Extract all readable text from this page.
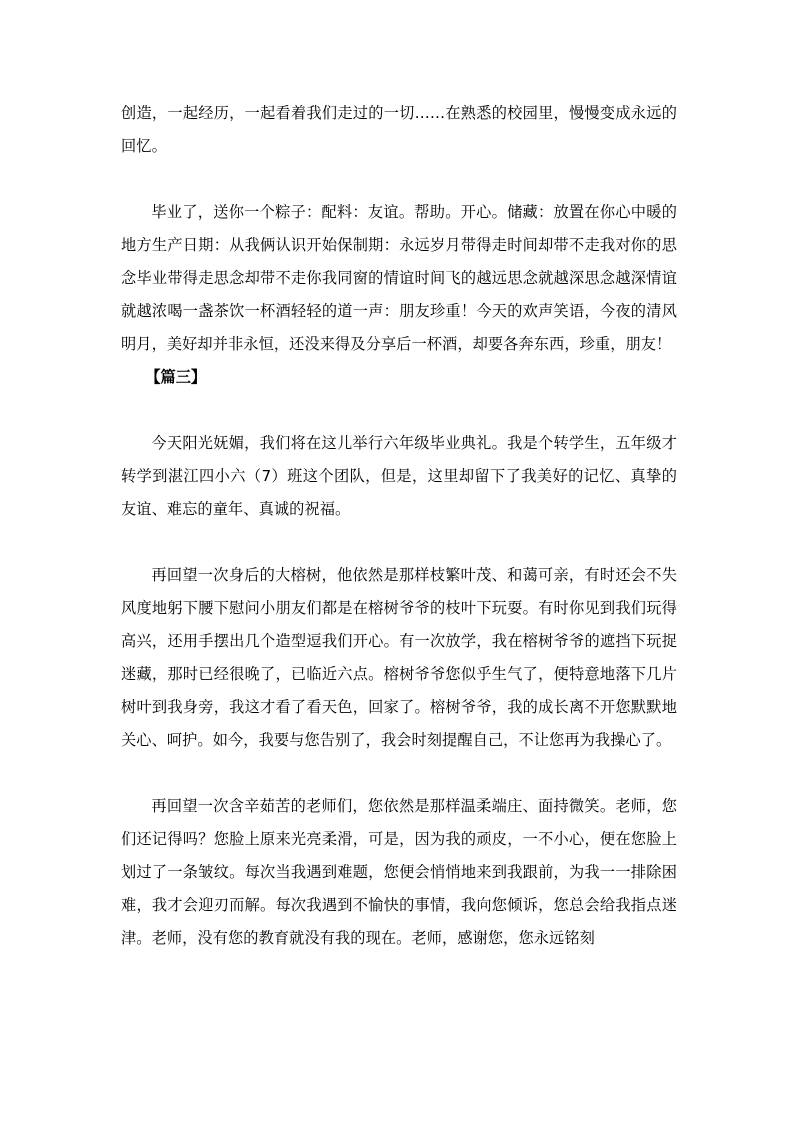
创造，一起经历，一起看着我们走过的一切……在熟悉的校园里，慢慢变成永远的回忆。

毕业了，送你一个粽子：配料：友谊。帮助。开心。储藏：放置在你心中暖的地方生产日期：从我俩认识开始保制期：永远岁月带得走时间却带不走我对你的思念毕业带得走思念却带不走你我同窗的情谊时间飞的越远思念就越深思念越深情谊就越浓喝一盏茶饮一杯酒轻轻的道一声：朋友珍重！今天的欢声笑语，今夜的清风明月，美好却并非永恒，还没来得及分享后一杯酒，却要各奔东西，珍重，朋友！

【篇三】

今天阳光妩媚，我们将在这儿举行六年级毕业典礼。我是个转学生，五年级才转学到湛江四小六（7）班这个团队，但是，这里却留下了我美好的记忆、真挚的友谊、难忘的童年、真诚的祝福。

再回望一次身后的大榕树，他依然是那样枝繁叶茂、和蔼可亲，有时还会不失风度地躬下腰下慰问小朋友们都是在榕树爷爷的枝叶下玩耍。有时你见到我们玩得高兴，还用手摆出几个造型逗我们开心。有一次放学，我在榕树爷爷的遮挡下玩捉迷藏，那时已经很晚了，已临近六点。榕树爷爷您似乎生气了，便特意地落下几片树叶到我身旁，我这才看了看天色，回家了。榕树爷爷，我的成长离不开您默默地关心、呵护。如今，我要与您告别了，我会时刻提醒自己，不让您再为我操心了。

再回望一次含辛茹苦的老师们，您依然是那样温柔端庄、面持微笑。老师，您们还记得吗？您脸上原来光亮柔滑，可是，因为我的顽皮，一不小心，便在您脸上划过了一条皱纹。每次当我遇到难题，您便会悄悄地来到我跟前，为我一一排除困难，我才会迎刃而解。每次我遇到不愉快的事情，我向您倾诉，您总会给我指点迷津。老师，没有您的教育就没有我的现在。老师，感谢您，您永远铭刻
